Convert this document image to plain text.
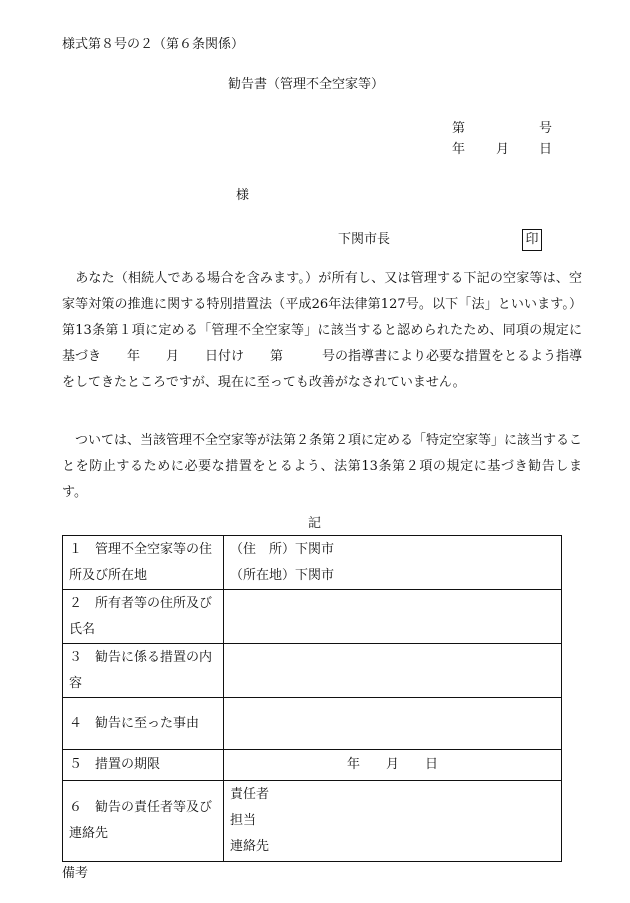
様式第８号の２（第６条関係）
勧告書（管理不全空家等）
第	号
年 月 日
様
下関市長	印
　あなた（相続人である場合を含みます。）が所有し、又は管理する下記の空家等は、空家等対策の推進に関する特別措置法（平成26年法律第127号。以下「法」といいます。）第13条第１項に定める「管理不全空家等」に該当すると認められたため、同項の規定に基づき　　年　　月　　日付け　　第　　　号の指導書により必要な措置をとるよう指導をしてきたところですが、現在に至っても改善がなされていません。
　ついては、当該管理不全空家等が法第２条第２項に定める「特定空家等」に該当することを防止するために必要な措置をとるよう、法第13条第２項の規定に基づき勧告します。
記
１　管理不全空家等の住所及び所在地	（住　所）下関市
（所在地）下関市

２　所有者等の住所及び氏名	
３　勧告に係る措置の内容	
４　勧告に至った事由	
５　措置の期限	年　　月　　日
６　勧告の責任者等及び連絡先	責任者
担当
連絡先
備考
